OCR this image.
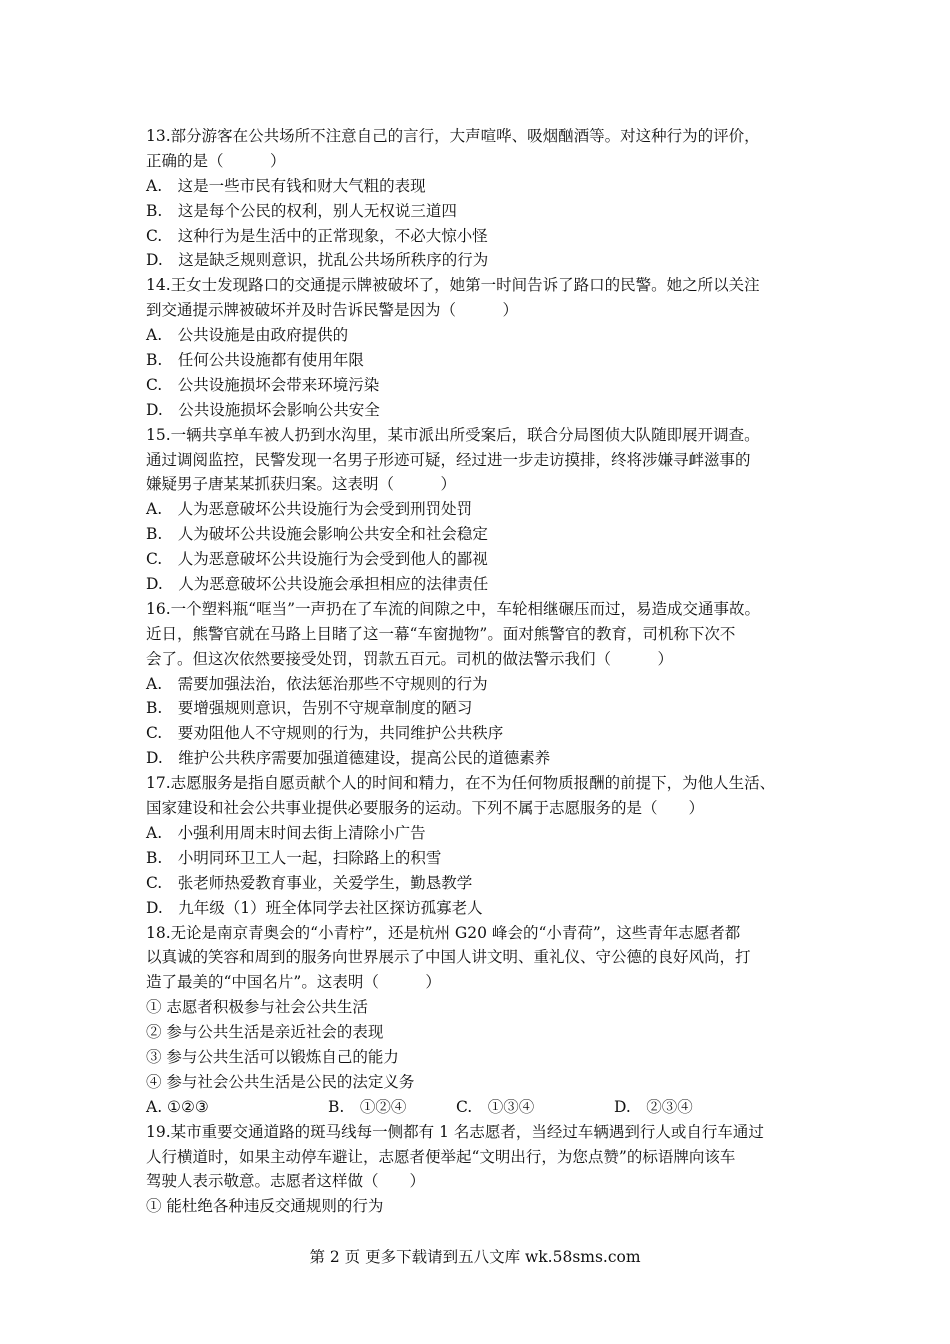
13.部分游客在公共场所不注意自己的言行，大声喧哗、吸烟酗酒等。对这种行为的评价，
正确的是（　　　）
A.　这是一些市民有钱和财大气粗的表现
B.　这是每个公民的权利，别人无权说三道四
C.　这种行为是生活中的正常现象，不必大惊小怪
D.　这是缺乏规则意识，扰乱公共场所秩序的行为
14.王女士发现路口的交通提示牌被破坏了，她第一时间告诉了路口的民警。她之所以关注
到交通提示牌被破坏并及时告诉民警是因为（　　　）
A.　公共设施是由政府提供的
B.　任何公共设施都有使用年限
C.　公共设施损坏会带来环境污染
D.　公共设施损坏会影响公共安全
15.一辆共享单车被人扔到水沟里，某市派出所受案后，联合分局图侦大队随即展开调查。
通过调阅监控，民警发现一名男子形迹可疑，经过进一步走访摸排，终将涉嫌寻衅滋事的
嫌疑男子唐某某抓获归案。这表明（　　　）
A.　人为恶意破坏公共设施行为会受到刑罚处罚
B.　人为破坏公共设施会影响公共安全和社会稳定
C.　人为恶意破坏公共设施行为会受到他人的鄙视
D.　人为恶意破坏公共设施会承担相应的法律责任
16.一个塑料瓶“哐当”一声扔在了车流的间隙之中，车轮相继碾压而过，易造成交通事故。
近日，熊警官就在马路上目睹了这一幕“车窗抛物”。面对熊警官的教育，司机称下次不
会了。但这次依然要接受处罚，罚款五百元。司机的做法警示我们（　　　）
A.　需要加强法治，依法惩治那些不守规则的行为
B.　要增强规则意识，告别不守规章制度的陋习
C.　要劝阻他人不守规则的行为，共同维护公共秩序
D.　维护公共秩序需要加强道德建设，提高公民的道德素养
17.志愿服务是指自愿贡献个人的时间和精力，在不为任何物质报酬的前提下，为他人生活、
国家建设和社会公共事业提供必要服务的运动。下列不属于志愿服务的是（　　）
A.　小强利用周末时间去街上清除小广告
B.　小明同环卫工人一起，扫除路上的积雪
C.　张老师热爱教育事业，关爱学生，勤恳教学
D.　九年级（1）班全体同学去社区探访孤寡老人
18.无论是南京青奥会的“小青柠”，还是杭州 G20 峰会的“小青荷”，这些青年志愿者都
以真诚的笑容和周到的服务向世界展示了中国人讲文明、重礼仪、守公德的良好风尚，打
造了最美的“中国名片”。这表明（　　　）
① 志愿者积极参与社会公共生活
② 参与公共生活是亲近社会的表现
③ 参与公共生活可以锻炼自己的能力
④ 参与社会公共生活是公民的法定义务
A. ①②③	B.　①②④	C.　①③④	D.　②③④
19.某市重要交通道路的斑马线每一侧都有 1 名志愿者，当经过车辆遇到行人或自行车通过
人行横道时，如果主动停车避让，志愿者便举起“文明出行，为您点赞”的标语牌向该车
驾驶人表示敬意。志愿者这样做（　　）
① 能杜绝各种违反交通规则的行为
第 2 页 更多下载请到五八文库 wk.58sms.com
